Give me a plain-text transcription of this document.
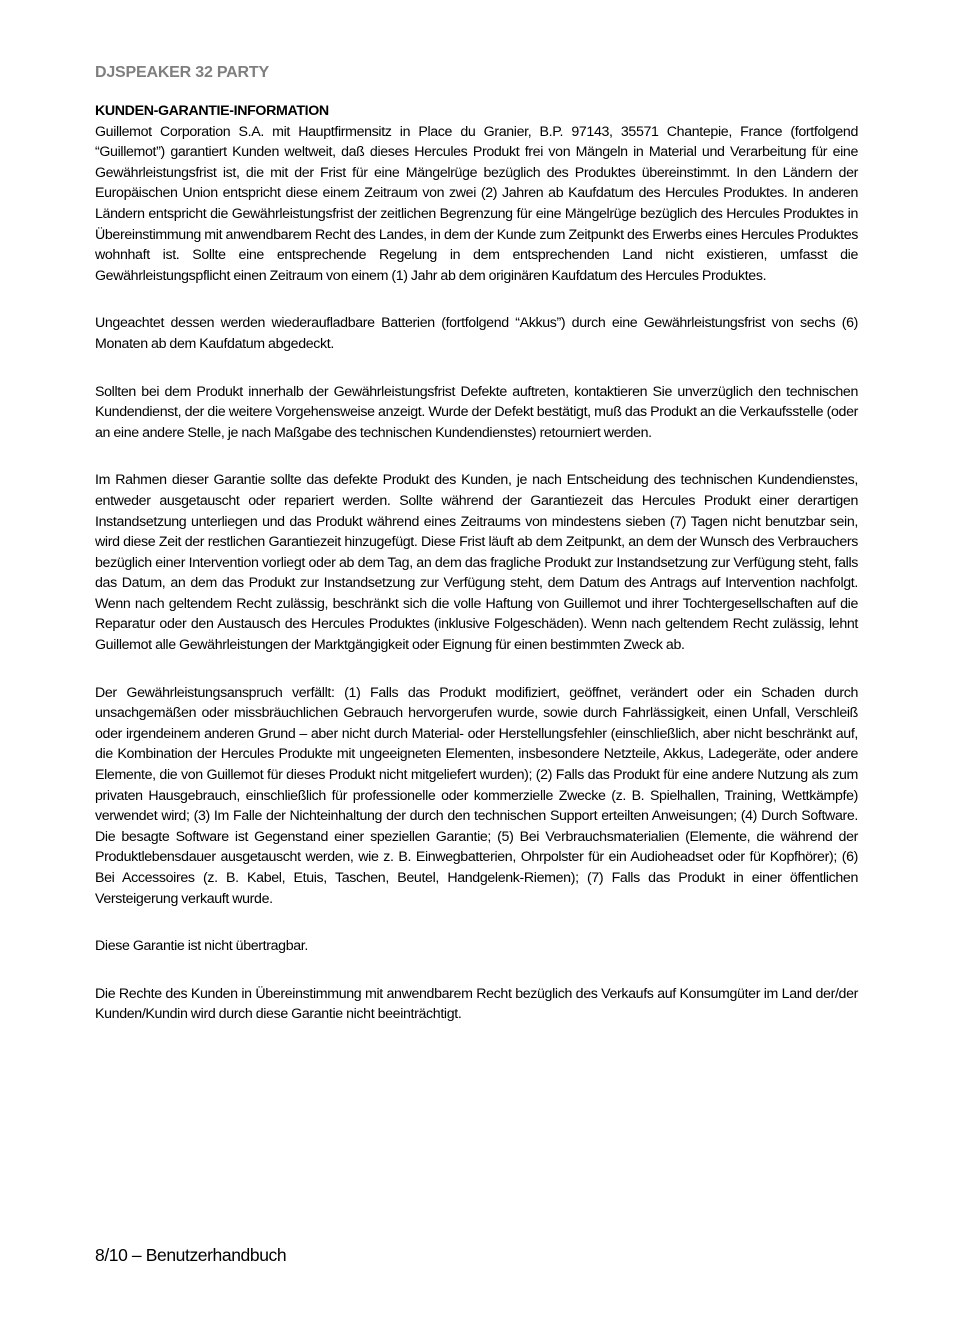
DJSPEAKER 32 PARTY

KUNDEN-GARANTIE-INFORMATION

Guillemot Corporation S.A. mit Hauptfirmensitz in Place du Granier, B.P. 97143, 35571 Chantepie, France (fortfolgend “Guillemot”) garantiert Kunden weltweit, daß dieses Hercules Produkt frei von Mängeln in Material und Verarbeitung für eine Gewährleistungsfrist ist, die mit der Frist für eine Mängelrüge bezüglich des Produktes übereinstimmt. In den Ländern der Europäischen Union entspricht diese einem Zeitraum von zwei (2) Jahren ab Kaufdatum des Hercules Produktes. In anderen Ländern entspricht die Gewährleistungsfrist der zeitlichen Begrenzung für eine Mängelrüge bezüglich des Hercules Produktes in Übereinstimmung mit anwendbarem Recht des Landes, in dem der Kunde zum Zeitpunkt des Erwerbs eines Hercules Produktes wohnhaft ist. Sollte eine entsprechende Regelung in dem entsprechenden Land nicht existieren, umfasst die Gewährleistungspflicht einen Zeitraum von einem (1) Jahr ab dem originären Kaufdatum des Hercules Produktes.

Ungeachtet dessen werden wiederaufladbare Batterien (fortfolgend “Akkus”) durch eine Gewährleistungsfrist von sechs (6) Monaten ab dem Kaufdatum abgedeckt.

Sollten bei dem Produkt innerhalb der Gewährleistungsfrist Defekte auftreten, kontaktieren Sie unverzüglich den technischen Kundendienst, der die weitere Vorgehensweise anzeigt. Wurde der Defekt bestätigt, muß das Produkt an die Verkaufsstelle (oder an eine andere Stelle, je nach Maßgabe des technischen Kundendienstes) retourniert werden.

Im Rahmen dieser Garantie sollte das defekte Produkt des Kunden, je nach Entscheidung des technischen Kundendienstes, entweder ausgetauscht oder repariert werden. Sollte während der Garantiezeit das Hercules Produkt einer derartigen Instandsetzung unterliegen und das Produkt während eines Zeitraums von mindestens sieben (7) Tagen nicht benutzbar sein, wird diese Zeit der restlichen Garantiezeit hinzugefügt. Diese Frist läuft ab dem Zeitpunkt, an dem der Wunsch des Verbrauchers bezüglich einer Intervention vorliegt oder ab dem Tag, an dem das fragliche Produkt zur Instandsetzung zur Verfügung steht, falls das Datum, an dem das Produkt zur Instandsetzung zur Verfügung steht, dem Datum des Antrags auf Intervention nachfolgt. Wenn nach geltendem Recht zulässig, beschränkt sich die volle Haftung von Guillemot und ihrer Tochtergesellschaften auf die Reparatur oder den Austausch des Hercules Produktes (inklusive Folgeschäden). Wenn nach geltendem Recht zulässig, lehnt Guillemot alle Gewährleistungen der Marktgängigkeit oder Eignung für einen bestimmten Zweck ab.

Der Gewährleistungsanspruch verfällt: (1) Falls das Produkt modifiziert, geöffnet, verändert oder ein Schaden durch unsachgemäßen oder missbräuchlichen Gebrauch hervorgerufen wurde, sowie durch Fahrlässigkeit, einen Unfall, Verschleiß oder irgendeinem anderen Grund – aber nicht durch Material- oder Herstellungsfehler (einschließlich, aber nicht beschränkt auf, die Kombination der Hercules Produkte mit ungeeigneten Elementen, insbesondere Netzteile, Akkus, Ladegeräte, oder andere Elemente, die von Guillemot für dieses Produkt nicht mitgeliefert wurden); (2) Falls das Produkt für eine andere Nutzung als zum privaten Hausgebrauch, einschließlich für professionelle oder kommerzielle Zwecke (z. B. Spielhallen, Training, Wettkämpfe) verwendet wird; (3) Im Falle der Nichteinhaltung der durch den technischen Support erteilten Anweisungen; (4) Durch Software. Die besagte Software ist Gegenstand einer speziellen Garantie; (5) Bei Verbrauchsmaterialien (Elemente, die während der Produktlebensdauer ausgetauscht werden, wie z. B. Einwegbatterien, Ohrpolster für ein Audioheadset oder für Kopfhörer); (6) Bei Accessoires (z. B. Kabel, Etuis, Taschen, Beutel, Handgelenk-Riemen); (7) Falls das Produkt in einer öffentlichen Versteigerung verkauft wurde.

Diese Garantie ist nicht übertragbar.

Die Rechte des Kunden in Übereinstimmung mit anwendbarem Recht bezüglich des Verkaufs auf Konsumgüter im Land der/der Kunden/Kundin wird durch diese Garantie nicht beeinträchtigt.

8/10 – Benutzerhandbuch
